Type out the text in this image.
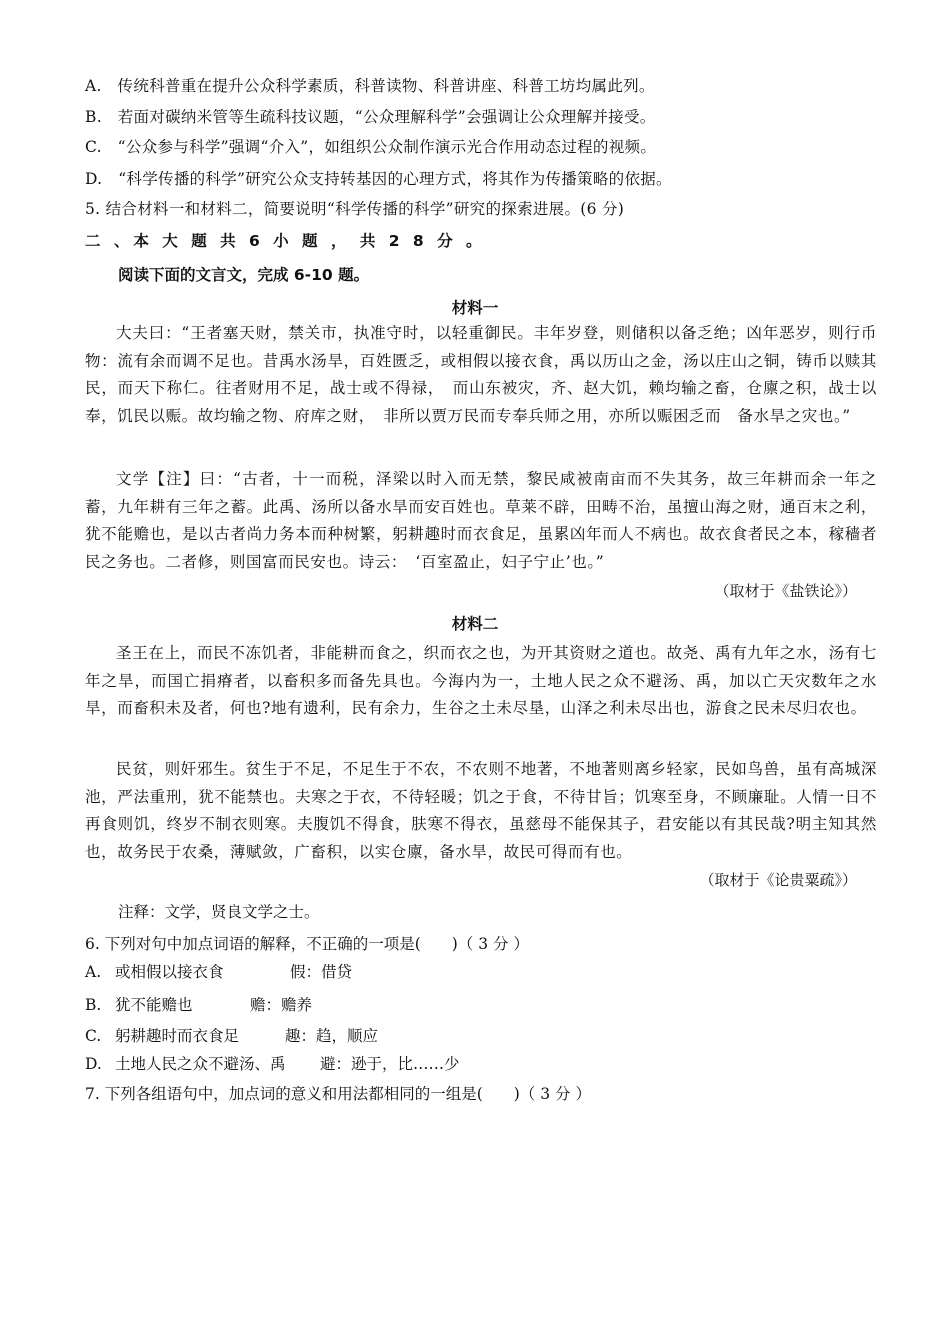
A.　传统科普重在提升公众科学素质，科普读物、科普讲座、科普工坊均属此列。
B.　若面对碳纳米管等生疏科技议题，“公众理解科学”会强调让公众理解并接受。
C.　“公众参与科学”强调“介入”，如组织公众制作演示光合作用动态过程的视频。
D.　“科学传播的科学”研究公众支持转基因的心理方式，将其作为传播策略的依据。
5. 结合材料一和材料二，简要说明“科学传播的科学”研究的探索进展。(6 分)
二 、本 大 题 共 6 小 题 ， 共 2 8 分 。
阅读下面的文言文，完成 6-10 题。
材料一
大夫曰：“王者塞天财，禁关市，执准守时，以轻重御民。丰年岁登，则储积以备乏绝；凶年恶岁，则行币物：流有余而调不足也。昔禹水汤旱，百姓匮乏，或相假以接衣食，禹以历山之金，汤以庄山之铜，铸币以赎其民，而天下称仁。往者财用不足，战士或不得禄，　而山东被灾，齐、赵大饥，赖均输之畜，仓廪之积，战士以奉，饥民以赈。故均输之物、府库之财，　非所以贾万民而专奉兵师之用，亦所以赈困乏而　备水旱之灾也。”
文学【注】曰：“古者，十一而税，泽梁以时入而无禁，黎民咸被南亩而不失其务，故三年耕而余一年之蓄，九年耕有三年之蓄。此禹、汤所以备水旱而安百姓也。草莱不辟，田畴不治，虽擅山海之财，通百末之利，犹不能赡也，是以古者尚力务本而种树繁，躬耕趣时而衣食足，虽累凶年而人不病也。故衣食者民之本，稼穑者民之务也。二者修，则国富而民安也。诗云：　‘百室盈止，妇子宁止’也。”
（取材于《盐铁论》）
材料二
圣王在上，而民不冻饥者，非能耕而食之，织而衣之也，为开其资财之道也。故尧、禹有九年之水，汤有七年之旱，而国亡捐瘠者，以畜积多而备先具也。今海内为一，土地人民之众不避汤、禹，加以亡天灾数年之水旱，而畜积未及者，何也?地有遗利，民有余力，生谷之土未尽垦，山泽之利未尽出也，游食之民未尽归农也。
民贫，则奸邪生。贫生于不足，不足生于不农，不农则不地著，不地著则离乡轻家，民如鸟兽，虽有高城深池，严法重刑，犹不能禁也。夫寒之于衣，不待轻暖；饥之于食，不待甘旨；饥寒至身，不顾廉耻。人情一日不再食则饥，终岁不制衣则寒。夫腹饥不得食，肤寒不得衣，虽慈母不能保其子，君安能以有其民哉?明主知其然也，故务民于农桑，薄赋敛，广畜积，以实仓廪，备水旱，故民可得而有也。
（取材于《论贵粟疏》）
注释：文学，贤良文学之士。
6. 下列对句中加点词语的解释，不正确的一项是(　　)（ 3 分 ）
A. 或相假以接衣食	假：借贷
B. 犹不能赡也	赡：赡养
C. 躬耕趣时而衣食足	趣：趋，顺应
D. 土地人民之众不避汤、禹 避：逊于，比……少
7. 下列各组语句中，加点词的意义和用法都相同的一组是(　　)（ 3 分 ）
